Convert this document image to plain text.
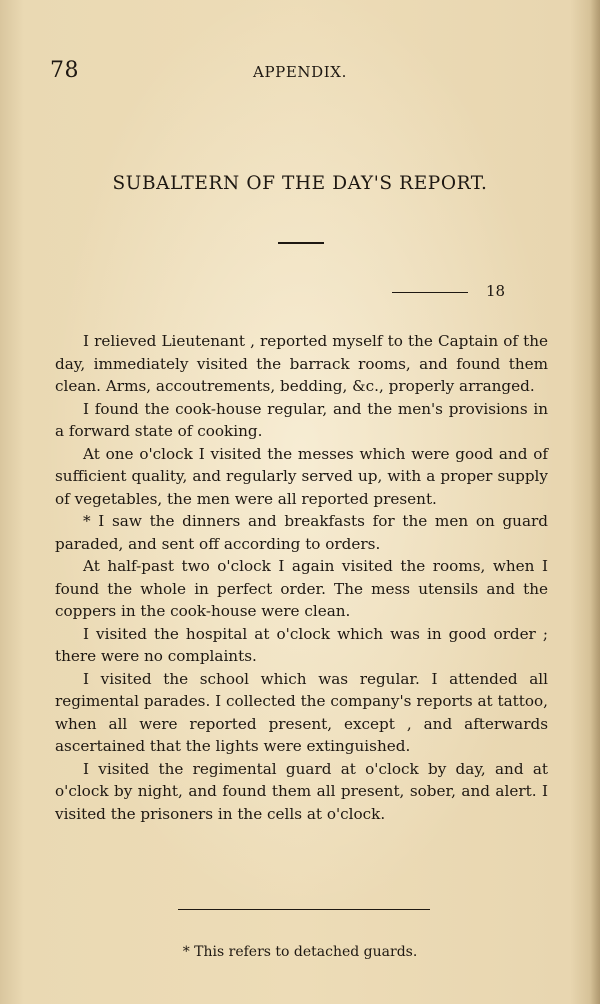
78	APPENDIX.
SUBALTERN OF THE DAY'S REPORT.
18

I relieved Lieutenant , reported myself to the Captain of the day, immediately visited the barrack rooms, and found them clean. Arms, accoutrements, bedding, &c., properly arranged.

I found the cook-house regular, and the men's provisions in a forward state of cooking.

At one o'clock I visited the messes which were good and of sufficient quality, and regularly served up, with a proper supply of vegetables, the men were all reported present.

* I saw the dinners and breakfasts for the men on guard paraded, and sent off according to orders.

At half-past two o'clock I again visited the rooms, when I found the whole in perfect order. The mess utensils and the coppers in the cook-house were clean.

I visited the hospital at o'clock which was in good order ; there were no complaints.

I visited the school which was regular. I attended all regimental parades. I collected the company's reports at tattoo, when all were reported present, except , and afterwards ascertained that the lights were extinguished.

I visited the regimental guard at o'clock by day, and at o'clock by night, and found them all present, sober, and alert. I visited the prisoners in the cells at o'clock.

* This refers to detached guards.
